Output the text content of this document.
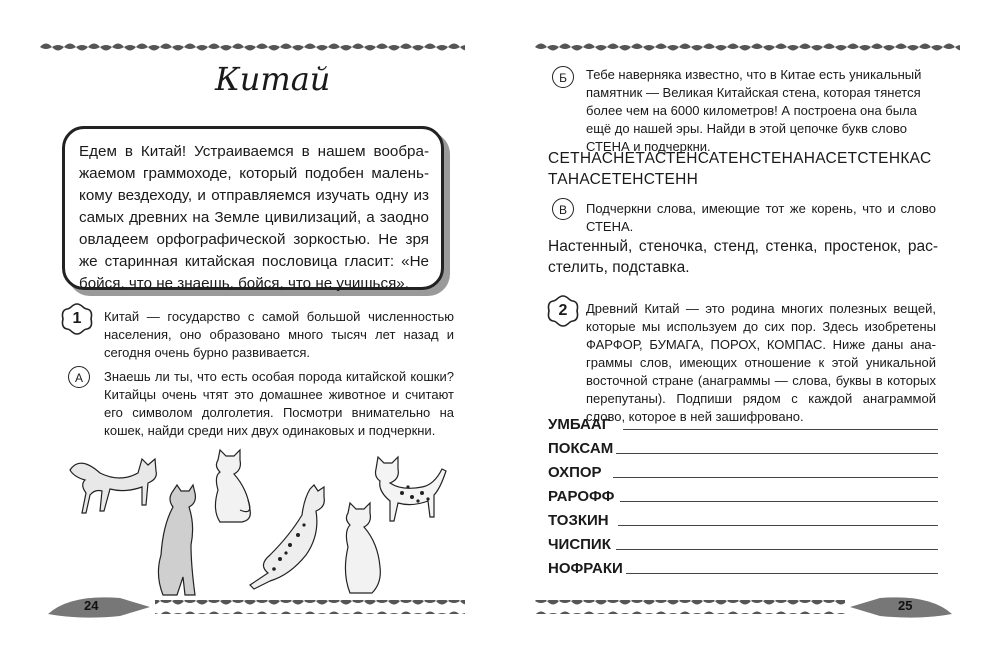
Китай
Едем в Китай! Устраиваемся в нашем воображаемом граммоходе, который подобен маленькому вездеходу, и отправляемся изучать одну из самых древних на Земле цивилизаций, а заодно овладеем орфографической зоркостью. Не зря же старинная китайская пословица гласит: «Не бойся, что не знаешь, бойся, что не учишься».
1	Китай — государство с самой большой численностью населения, оно образовано много тысяч лет назад и сегодня очень бурно развивается.
А	Знаешь ли ты, что есть особая порода китайской кошки? Китайцы очень чтят это домашнее животное и считают его символом долголетия. Посмотри внимательно на кошек, найди среди них двух одинаковых и подчеркни.
24
Б	Тебе наверняка известно, что в Китае есть уникальный памятник — Великая Китайская стена, которая тянется более чем на 6000 километров! А построена она была ещё до нашей эры. Найди в этой цепочке букв слово СТЕНА и подчеркни.
СЕТНАСНЕТАСТЕНСАТЕНСТЕНАНАСЕТСТЕНКАСТАНАСЕТЕНСТЕНН
В	Подчеркни слова, имеющие тот же корень, что и слово СТЕНА.
Настенный, стеночка, стенд, стенка, простенок, расстелить, подставка.
2	Древний Китай — это родина многих полезных вещей, которые мы используем до сих пор. Здесь изобретены ФАРФОР, БУМАГА, ПОРОХ, КОМПАС. Ниже даны анаграммы слов, имеющих отношение к этой уникальной восточной стране (анаграммы — слова, буквы в которых перепутаны). Подпиши рядом с каждой анаграммой слово, которое в ней зашифровано.
УМБААГ
ПОКСАМ
ОХПОР
РАРОФФ
ТОЗКИН
ЧИСПИК
НОФРАКИ
25
